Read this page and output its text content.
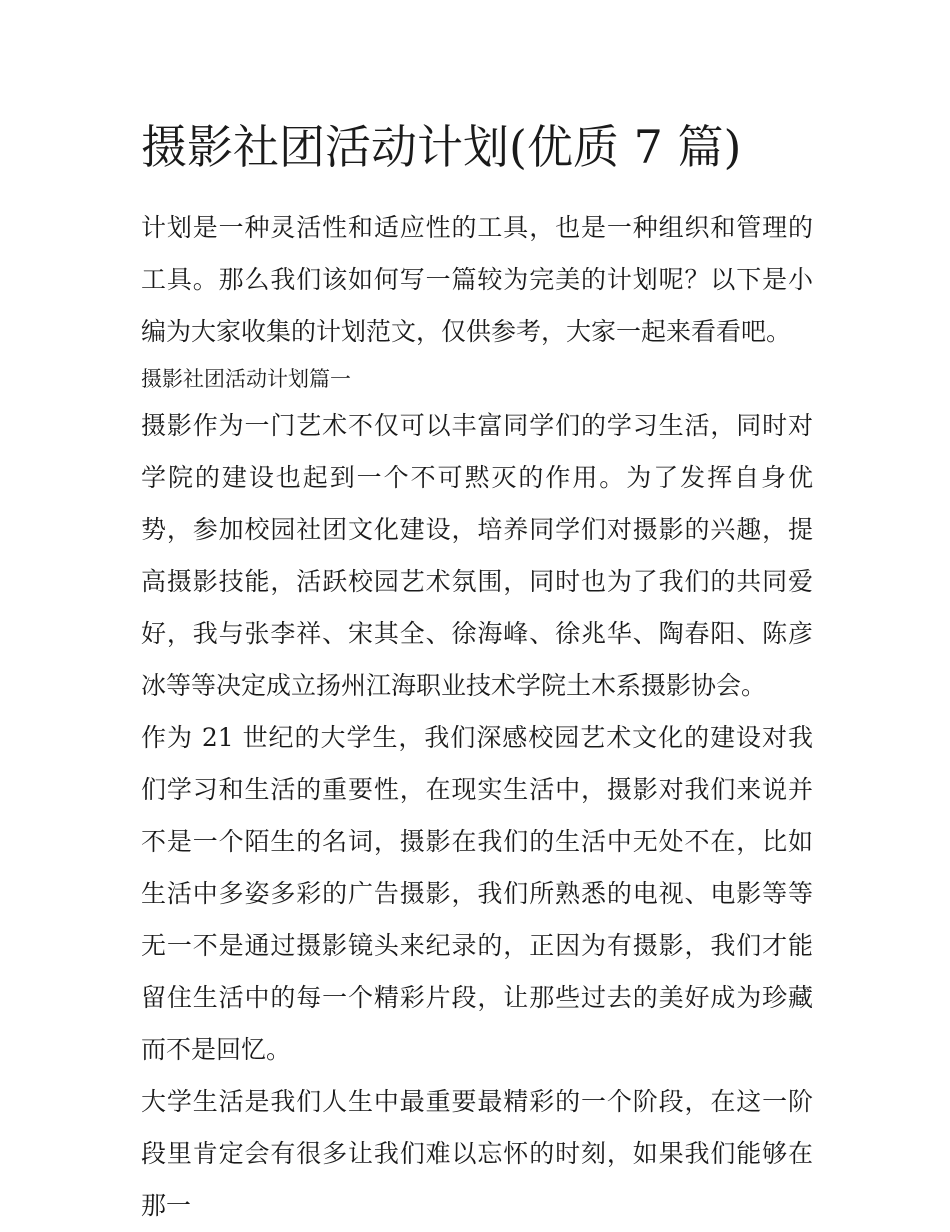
摄影社团活动计划(优质 7 篇)

计划是一种灵活性和适应性的工具，也是一种组织和管理的工具。那么我们该如何写一篇较为完美的计划呢？以下是小编为大家收集的计划范文，仅供参考，大家一起来看看吧。

摄影社团活动计划篇一

摄影作为一门艺术不仅可以丰富同学们的学习生活，同时对学院的建设也起到一个不可黙灭的作用。为了发挥自身优势，参加校园社团文化建设，培养同学们对摄影的兴趣，提高摄影技能，活跃校园艺术氛围，同时也为了我们的共同爱好，我与张李祥、宋其全、徐海峰、徐兆华、陶春阳、陈彦冰等等决定成立扬州江海职业技术学院土木系摄影协会。

作为 21 世纪的大学生，我们深感校园艺术文化的建设对我们学习和生活的重要性，在现实生活中，摄影对我们来说并不是一个陌生的名词，摄影在我们的生活中无处不在，比如生活中多姿多彩的广告摄影，我们所熟悉的电视、电影等等无一不是通过摄影镜头来纪录的，正因为有摄影，我们才能留住生活中的每一个精彩片段，让那些过去的美好成为珍藏而不是回忆。

大学生活是我们人生中最重要最精彩的一个阶段，在这一阶段里肯定会有很多让我们难以忘怀的时刻，如果我们能够在那一
